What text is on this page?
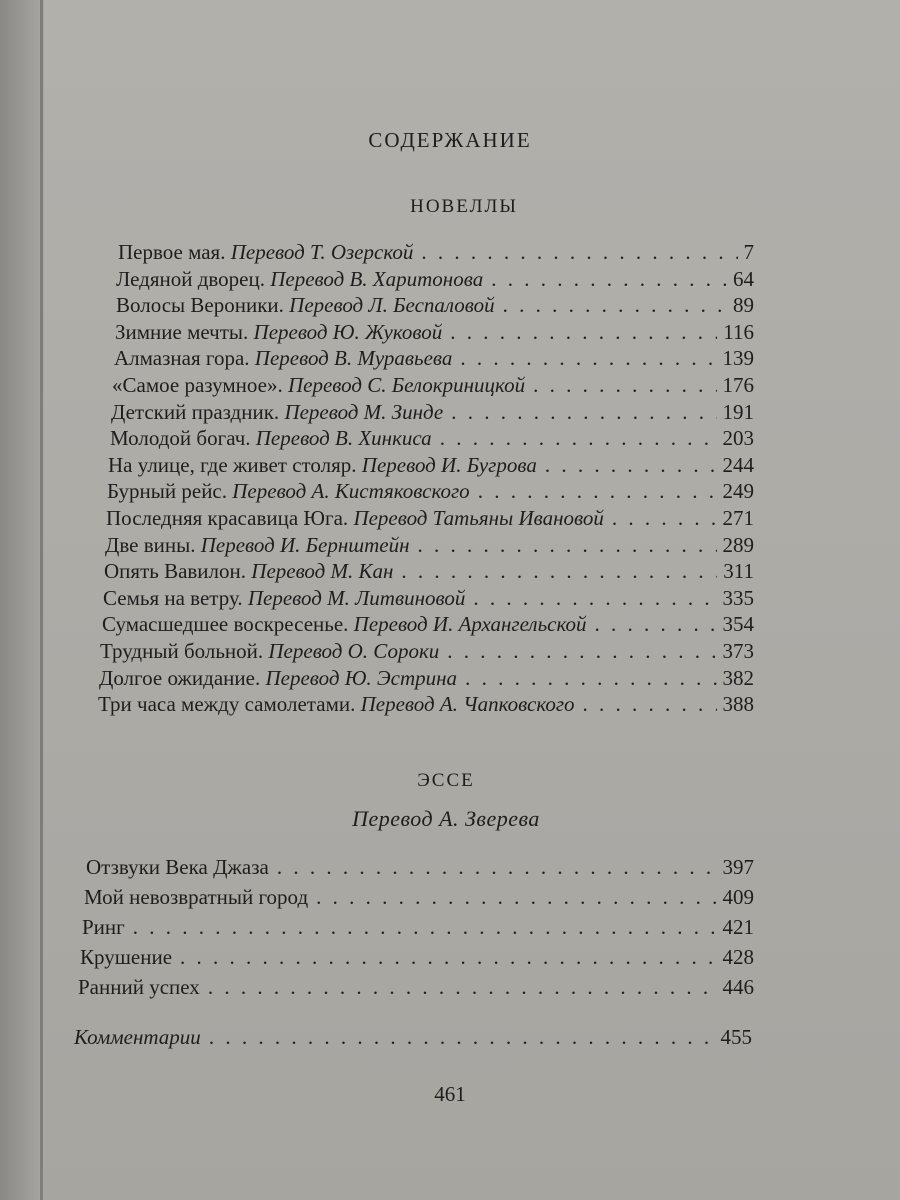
СОДЕРЖАНИЕ
НОВЕЛЛЫ
Первое мая. Перевод Т. Озерской . . .	7
Ледяной дворец. Перевод В. Харитонова . . .	64
Волосы Вероники. Перевод Л. Беспаловой . . .	89
Зимние мечты. Перевод Ю. Жуковой . . .	116
Алмазная гора. Перевод В. Муравьева . . .	139
«Самое разумное». Перевод С. Белокриницкой . . .	176
Детский праздник. Перевод М. Зинде . . .	191
Молодой богач. Перевод В. Хинкиса . . .	203
На улице, где живет столяр. Перевод И. Бугрова . . .	244
Бурный рейс. Перевод А. Кистяковского . . .	249
Последняя красавица Юга. Перевод Татьяны Ивановой . . .	271
Две вины. Перевод И. Бернштейн . . .	289
Опять Вавилон. Перевод М. Кан . . .	311
Семья на ветру. Перевод М. Литвиновой . . .	335
Сумасшедшее воскресенье. Перевод И. Архангельской . . .	354
Трудный больной. Перевод О. Сороки . . .	373
Долгое ожидание. Перевод Ю. Эстрина . . .	382
Три часа между самолетами. Перевод А. Чапковского . . .	388
ЭССЕ
Перевод А. Зверева
Отзвуки Века Джаза . . .	397
Мой невозвратный город . . .	409
Ринг . . .	421
Крушение . . .	428
Ранний успех . . .	446
Комментарии . . .	455
461
